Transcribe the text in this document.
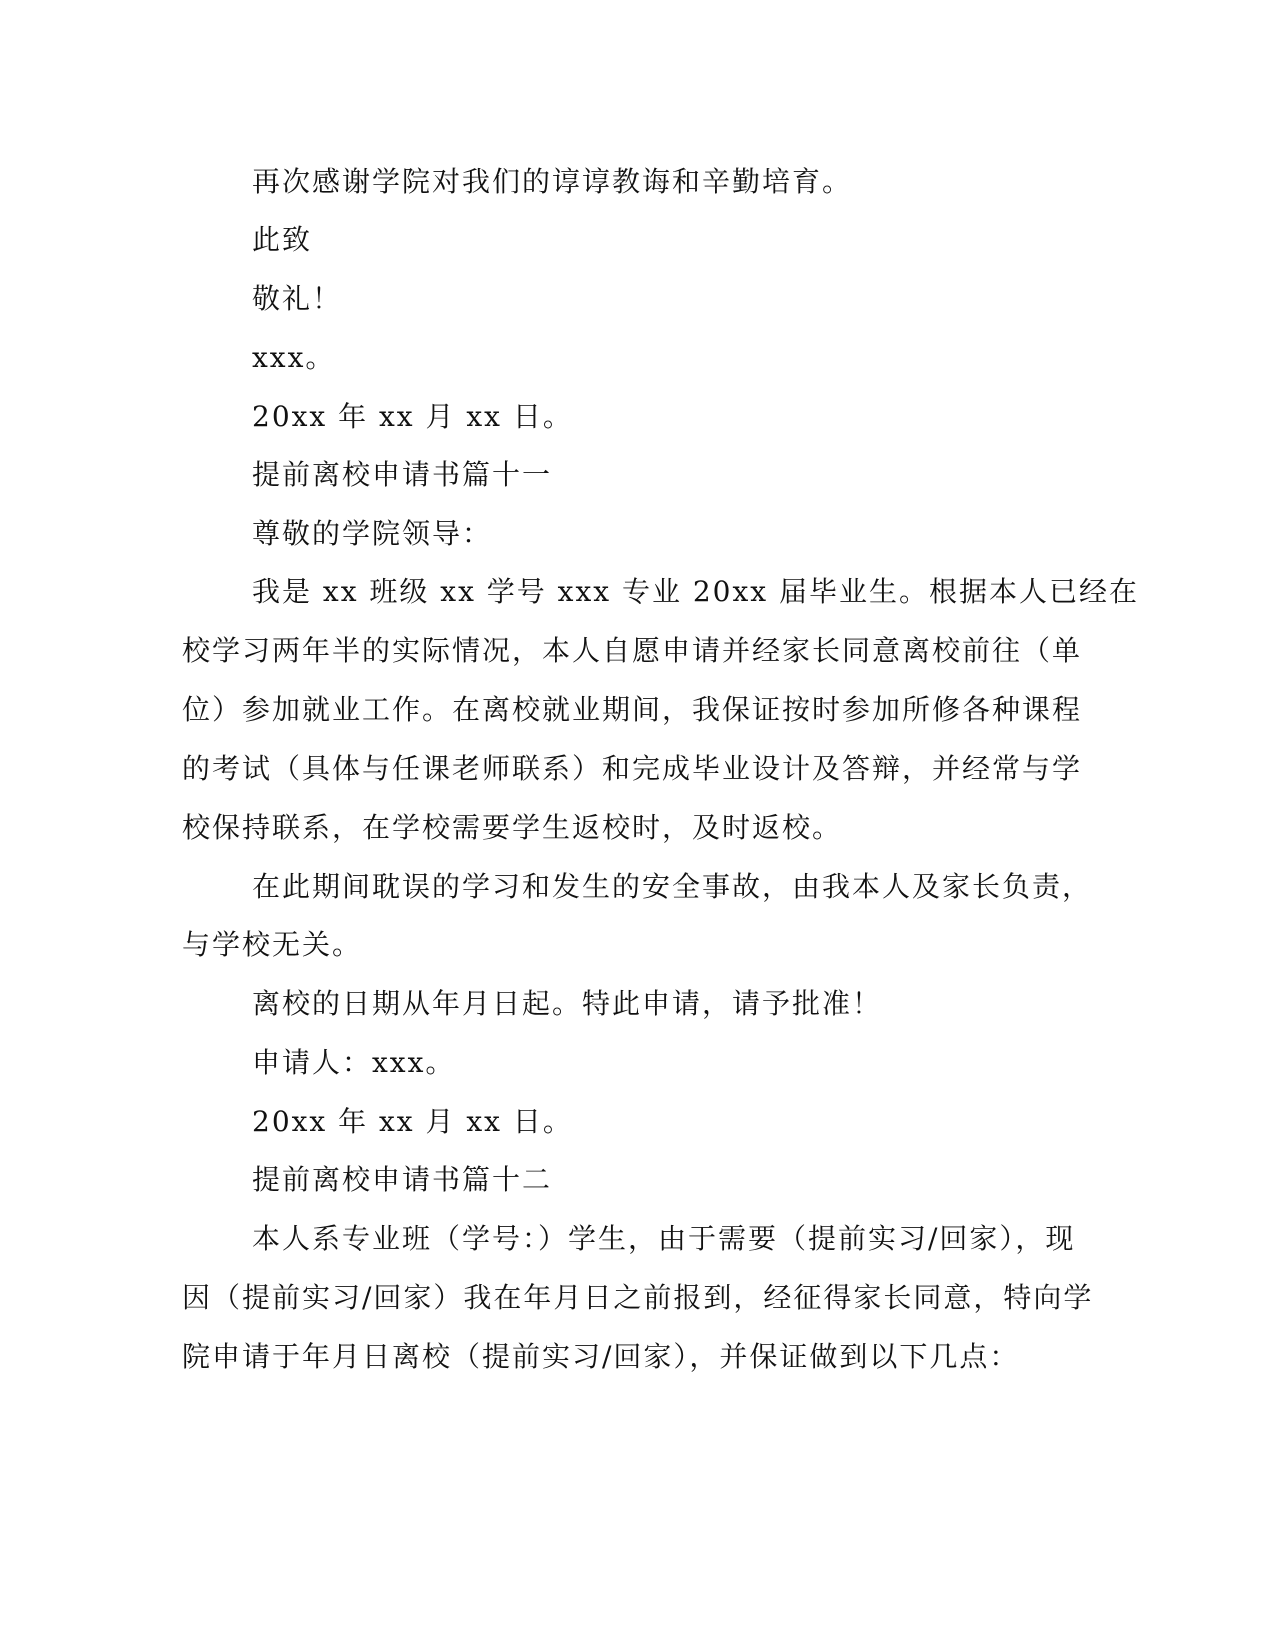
再次感谢学院对我们的谆谆教诲和辛勤培育。
此致
敬礼！
xxx。
20xx 年 xx 月 xx 日。
提前离校申请书篇十一
尊敬的学院领导：
我是 xx 班级 xx 学号 xxx 专业 20xx 届毕业生。根据本人已经在
校学习两年半的实际情况，本人自愿申请并经家长同意离校前往（单
位）参加就业工作。在离校就业期间，我保证按时参加所修各种课程
的考试（具体与任课老师联系）和完成毕业设计及答辩，并经常与学
校保持联系，在学校需要学生返校时，及时返校。
在此期间耽误的学习和发生的安全事故，由我本人及家长负责，
与学校无关。
离校的日期从年月日起。特此申请，请予批准！
申请人：xxx。
20xx 年 xx 月 xx 日。
提前离校申请书篇十二
本人系专业班（学号：）学生，由于需要（提前实习/回家），现
因（提前实习/回家）我在年月日之前报到，经征得家长同意，特向学
院申请于年月日离校（提前实习/回家），并保证做到以下几点：
